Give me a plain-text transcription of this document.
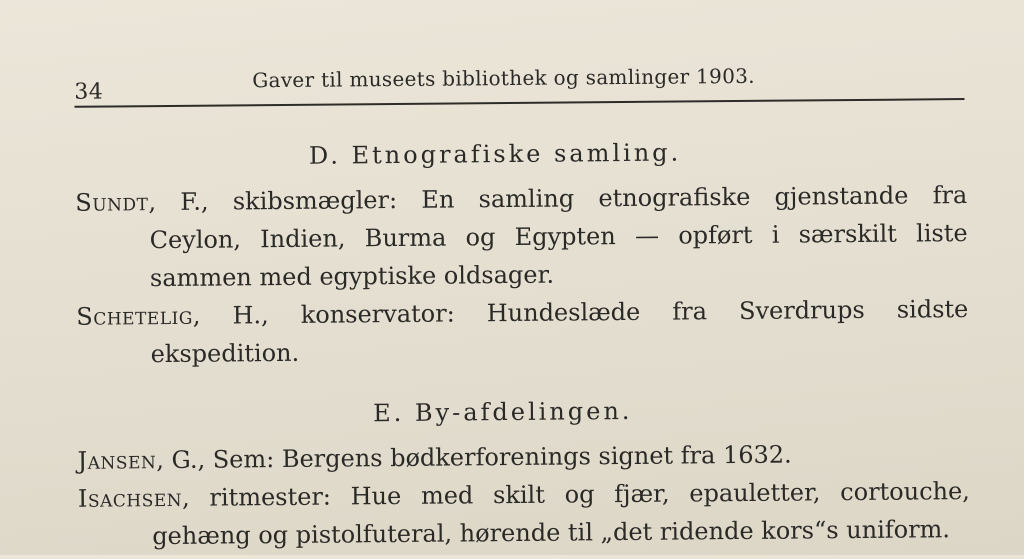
34	Gaver til museets bibliothek og samlinger 1903.
D. Etnografiske samling.
Sundt, F., skibsmægler: En samling etnografiske gjenstande fra
Ceylon, Indien, Burma og Egypten — opført i særskilt liste
sammen med egyptiske oldsager.
Schetelig, H., konservator: Hundeslæde fra Sverdrups sidste
ekspedition.
E. By-afdelingen.
Jansen, G., Sem: Bergens bødkerforenings signet fra 1632.
Isachsen, ritmester: Hue med skilt og fjær, epauletter, cortouche,
gehæng og pistolfuteral, hørende til „det ridende kors“s uniform.
